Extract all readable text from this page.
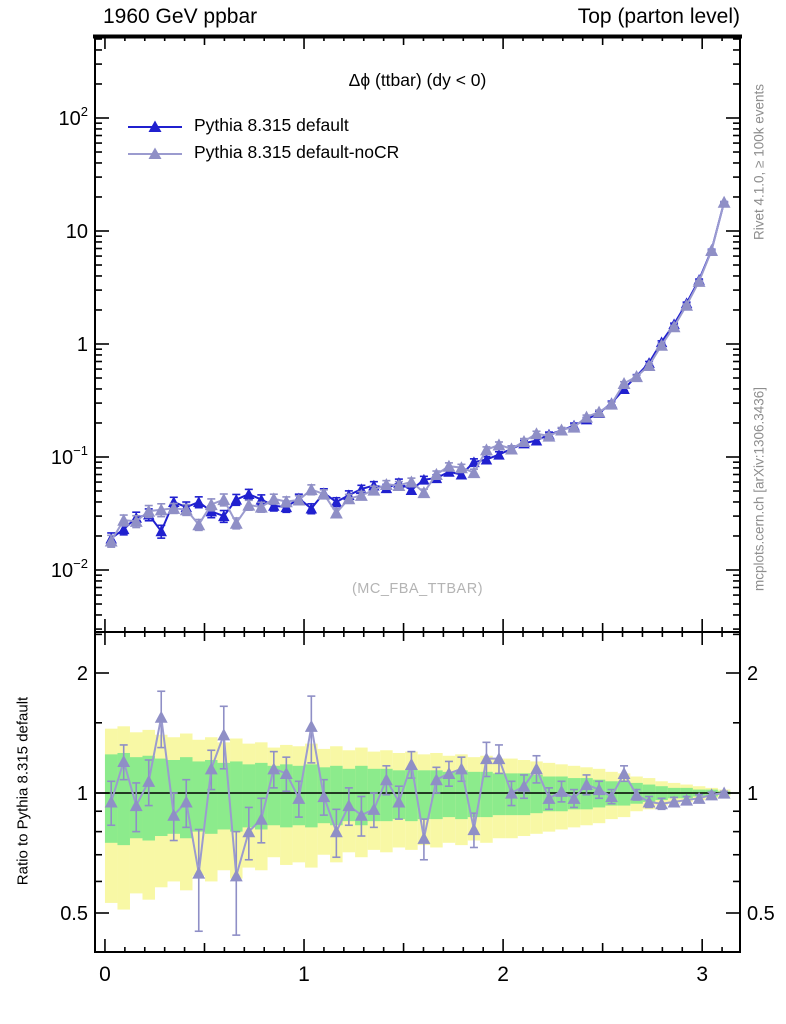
1960 GeV ppbar	Top (parton level)
$10^2$
10
1
$10^{-1}$
$10^{-2}$
2	2
1	1
0.5	0.5
0	1	2	3
Δϕ (ttbar) (dy < 0)
Pythia 8.315 default
Pythia 8.315 default-noCR
(MC_FBA_TTBAR)
Rivet 4.1.0, ≥ 100k events
mcplots.cern.ch [arXiv:1306.3436]
Ratio to Pythia 8.315 default
